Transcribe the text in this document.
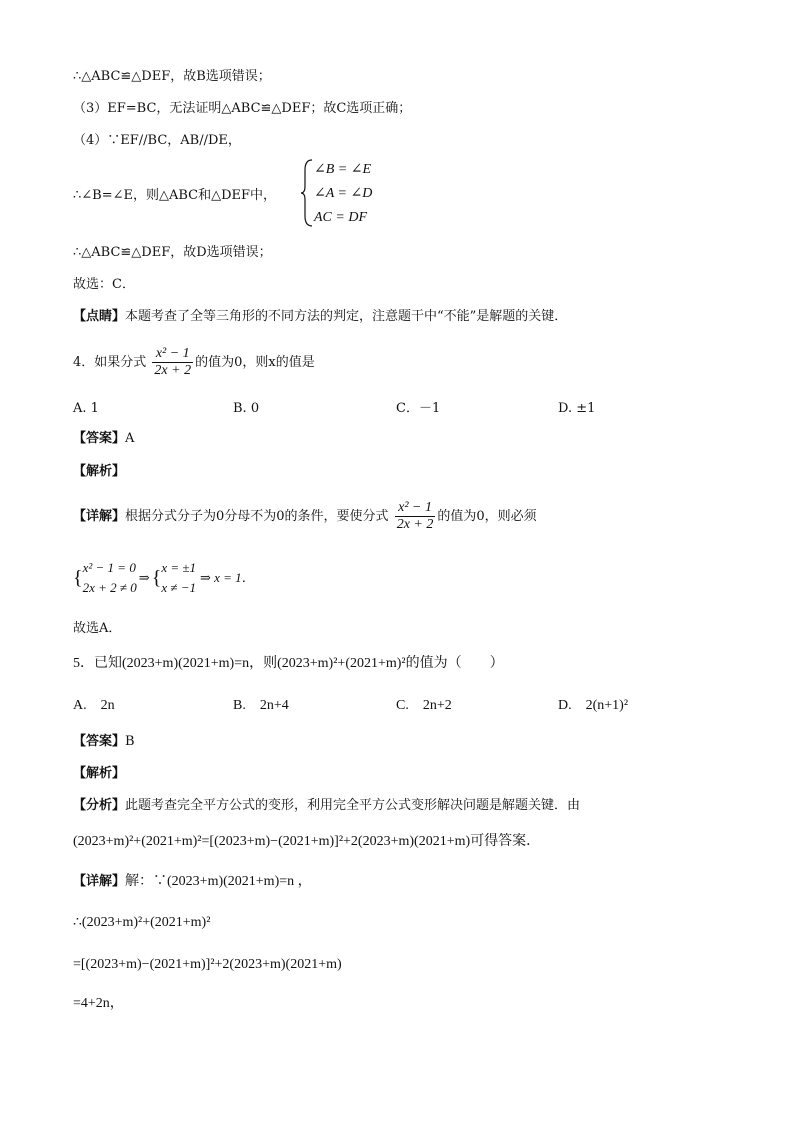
∴△ABC≌△DEF，故B选项错误；
（3）EF=BC，无法证明△ABC≌△DEF；故C选项正确；
（4）∵EF//BC，AB//DE，
∴∠B=∠E，则△ABC和△DEF中，
∠B = ∠E
∠A = ∠D
AC = DF
∴△ABC≌△DEF，故D选项错误；
故选：C．
【点睛】本题考查了全等三角形的不同方法的判定，注意题干中“不能”是解题的关键．
4．如果分式 $\frac{\text{x² − 1}}{2x + 2}$ 的值为0，则x的值是
A. 1	B. 0	C．－1	D. ±1
【答案】A
【解析】
【详解】根据分式分子为0分母不为0的条件，要使分式 $\frac{\text{x² − 1}}{2x + 2}$ 的值为0，则必须
{ x² − 1 = 0
2x + 2 ≠ 0
⇒ { x = ±1
x ≠ −1
⇒ x = 1．
故选A．
5．已知(2023+m)(2021+m)=n，则(2023+m)²+(2021+m)²的值为（　　）
A.　2n	B.　2n+4	C.　2n+2	D.　2(n+1)²
【答案】B
【解析】
【分析】此题考查完全平方公式的变形，利用完全平方公式变形解决问题是解题关键．由
(2023+m)²+(2021+m)²=[(2023+m)−(2021+m)]²+2(2023+m)(2021+m)可得答案．
【详解】解：∵(2023+m)(2021+m)=n ，
∴(2023+m)²+(2021+m)²
=[(2023+m)−(2021+m)]²+2(2023+m)(2021+m)
=4+2n，
